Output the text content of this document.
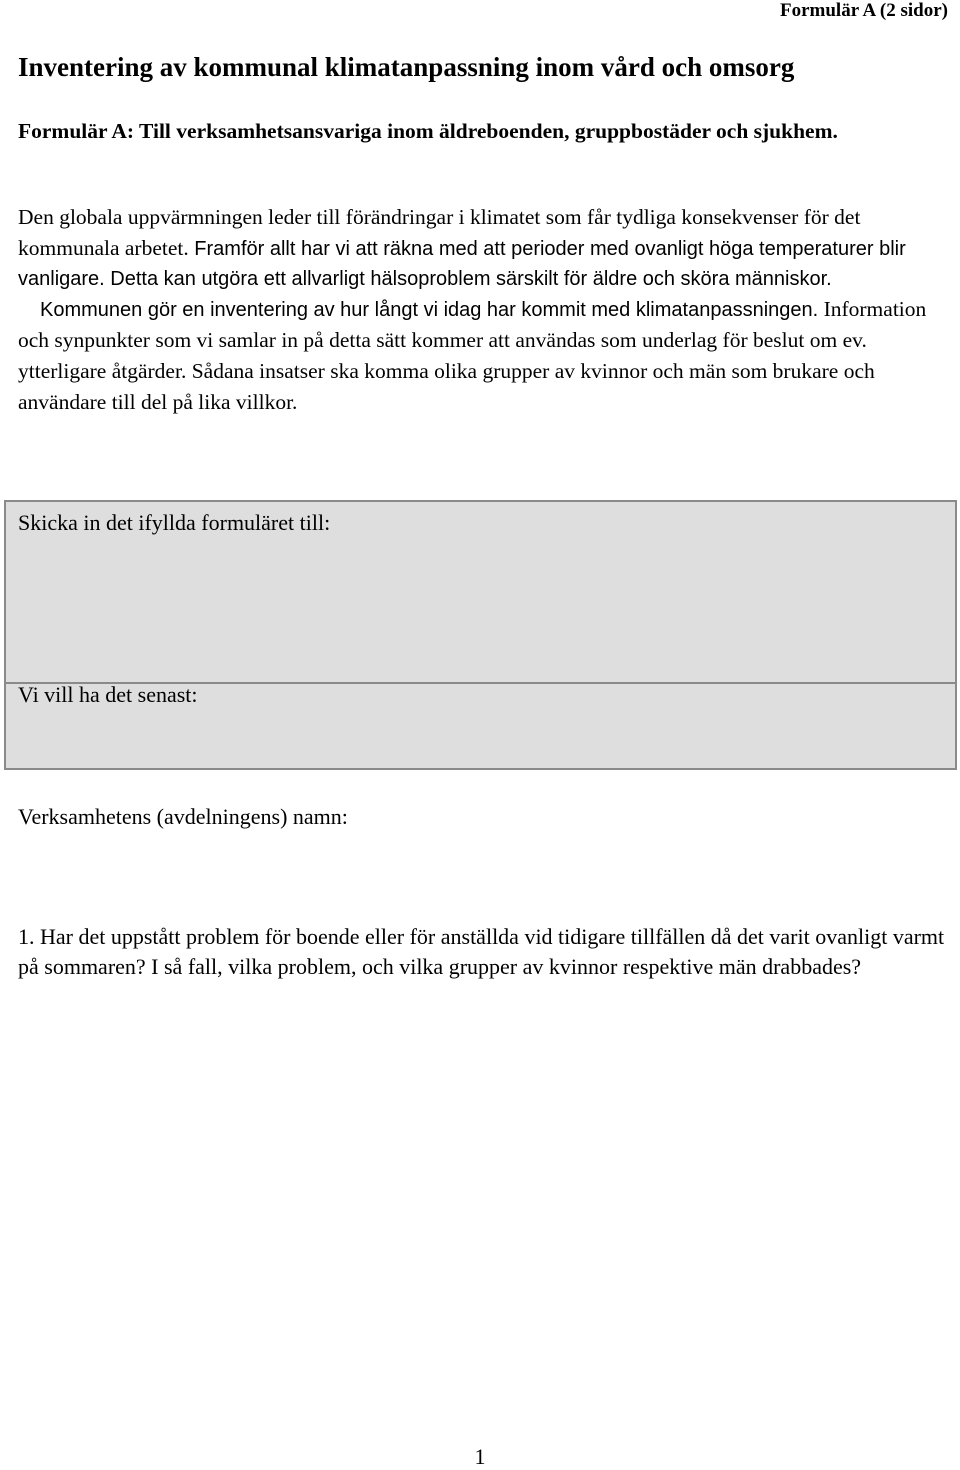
Formulär A (2 sidor)
Inventering av kommunal klimatanpassning inom vård och omsorg

Formulär A: Till verksamhetsansvariga inom äldreboenden, gruppbostäder och sjukhem.

Den globala uppvärmningen leder till förändringar i klimatet som får tydliga konsekvenser för det kommunala arbetet. Framför allt har vi att räkna med att perioder med ovanligt höga temperaturer blir vanligare. Detta kan utgöra ett allvarligt hälsoproblem särskilt för äldre och sköra människor.
Kommunen gör en inventering av hur långt vi idag har kommit med klimatanpassningen. Information och synpunkter som vi samlar in på detta sätt kommer att användas som underlag för beslut om ev. ytterligare åtgärder. Sådana insatser ska komma olika grupper av kvinnor och män som brukare och användare till del på lika villkor.

Skicka in det ifyllda formuläret till:
Vi vill ha det senast:
Verksamhetens (avdelningens) namn:

1. Har det uppstått problem för boende eller för anställda vid tidigare tillfällen då det varit ovanligt varmt på sommaren? I så fall, vilka problem, och vilka grupper av kvinnor respektive män drabbades?

1
